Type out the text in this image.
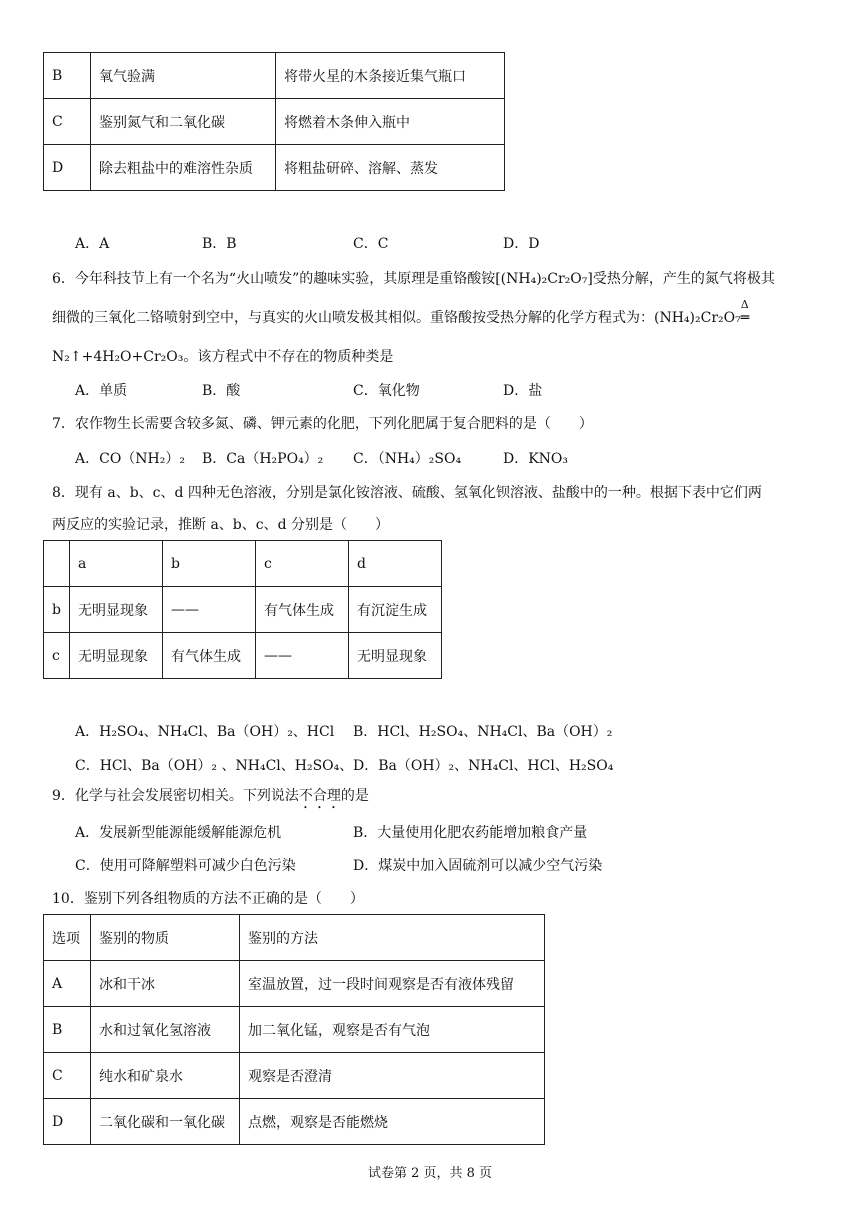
B	氧气验满	将带火星的木条接近集气瓶口
C	鉴别氮气和二氧化碳	将燃着木条伸入瓶中
D	除去粗盐中的难溶性杂质	将粗盐研碎、溶解、蒸发
A．A	B．B	C．C	D．D
6．今年科技节上有一个名为“火山喷发”的趣味实验，其原理是重铬酸铵[(NH₄)₂Cr₂O₇]受热分解，产生的氮气将极其
细微的三氧化二铬喷射到空中，与真实的火山喷发极其相似。重铬酸按受热分解的化学方程式为：(NH₄)₂Cr₂O₇
Δ
═
N₂↑+4H₂O+Cr₂O₃。该方程式中不存在的物质种类是
A．单质	B．酸	C．氧化物	D．盐
7．农作物生长需要含较多氮、磷、钾元素的化肥，下列化肥属于复合肥料的是（　　）
A．CO（NH₂）₂ B．Ca（H₂PO₄）₂ C．（NH₄）₂SO₄	D．KNO₃
8．现有 a、b、c、d 四种无色溶液，分别是氯化铵溶液、硫酸、氢氧化钡溶液、盐酸中的一种。根据下表中它们两
两反应的实验记录，推断 a、b、c、d 分别是（　　）
	a	b	c	d
b	无明显现象	——	有气体生成	有沉淀生成
c	无明显现象	有气体生成	——	无明显现象
A．H₂SO₄、NH₄Cl、Ba（OH）₂、HCl B．HCl、H₂SO₄、NH₄Cl、Ba（OH）₂
C．HCl、Ba（OH）₂ 、NH₄Cl、H₂SO₄、 D．Ba（OH）₂、NH₄Cl、HCl、H₂SO₄
9．化学与社会发展密切相关。下列说法不合理的是
A．发展新型能源能缓解能源危机	B．大量使用化肥农药能增加粮食产量
C．使用可降解塑料可减少白色污染	D．煤炭中加入固硫剂可以减少空气污染
10．鉴别下列各组物质的方法不正确的是（　　）
选项	鉴别的物质	鉴别的方法
A	冰和干冰	室温放置，过一段时间观察是否有液体残留
B	水和过氧化氢溶液	加二氧化锰，观察是否有气泡
C	纯水和矿泉水	观察是否澄清
D	二氧化碳和一氧化碳	点燃，观察是否能燃烧
试卷第 2 页，共 8 页
